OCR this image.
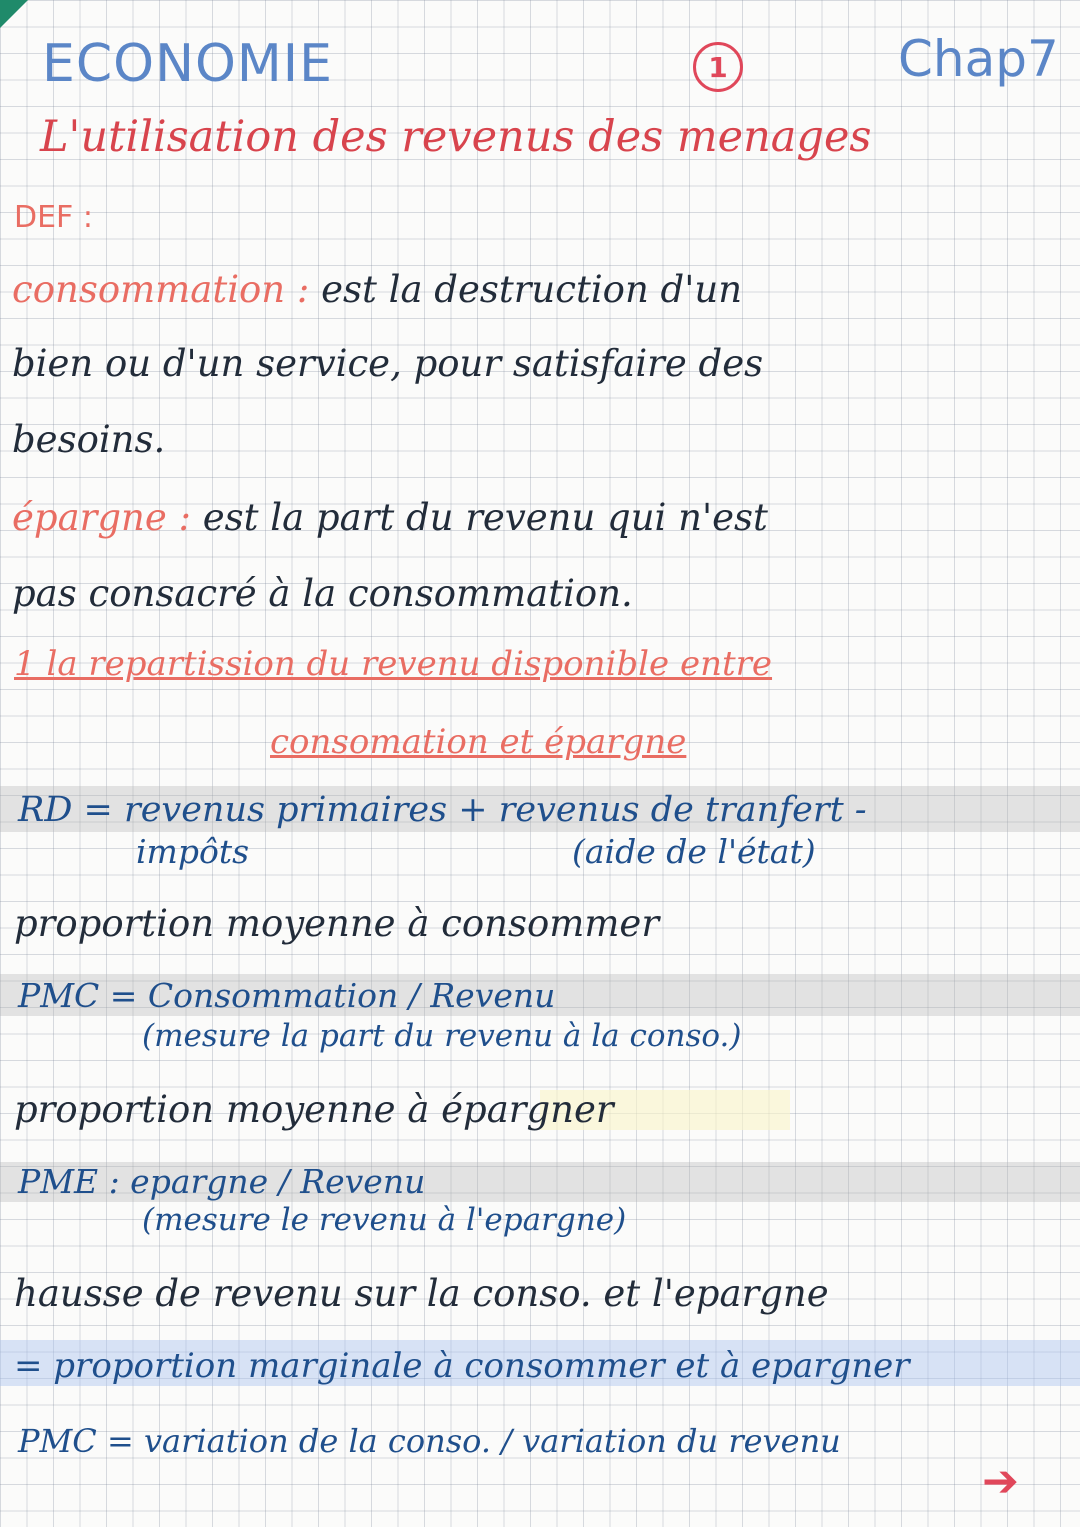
ECONOMIE	1	Chap7
L'utilisation des revenus des menages
DEF :
consommation : est la destruction d'un
bien ou d'un service, pour satisfaire des
besoins.
épargne : est la part du revenu qui n'est
pas consacré à la consommation.
1 la repartission du revenu disponible entre
consomation et épargne
RD = revenus primaires + revenus de tranfert -
impôts	(aide de l'état)
proportion moyenne à consommer
PMC = Consommation / Revenu
(mesure la part du revenu à la conso.)
proportion moyenne à épargner
PME : epargne / Revenu
(mesure le revenu à l'epargne)
hausse de revenu sur la conso. et l'epargne
= proportion marginale à consommer et à epargner
PMC = variation de la conso. / variation du revenu
➔
